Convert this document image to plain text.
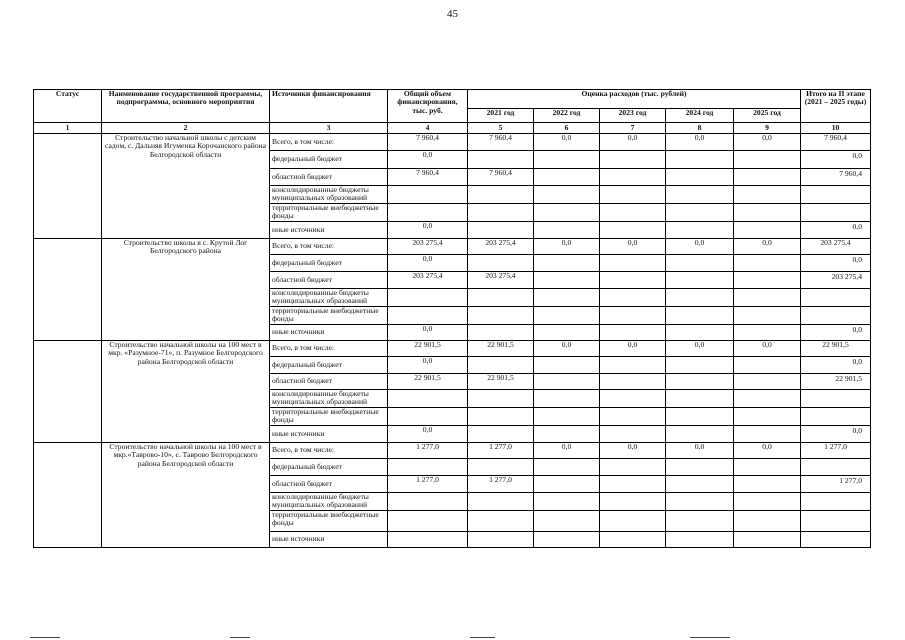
45
Статус	Наименование государственной программы, подпрограммы, основного мероприятия	Источники финансирования	Общий объем финансирования, тыс. руб.	Оценка расходов (тыс. рублей)					Итого на II этапе (2021 – 2025 годы)
				2021 год	2022 год	2023 год	2024 год	2025 год	
1	2	3	4	5	6	7	8	9	10
	Строительство начальной школы с детским садом, с. Дальняя Игуменка Корочанского района Белгородской области	Всего, в том числе:	7 960,4	7 960,4	0,0	0,0	0,0	0,0	7 960,4
		федеральный бюджет	0,0						0,0
		областной бюджет	7 960,4	7 960,4					7 960,4
		консолидированные бюджеты муниципальных образований							
		территориальные внебюджетные фонды							
		иные источники	0,0						0,0
	Строительство школы в с. Крутой Лог Белгородского района	Всего, в том числе:	203 275,4	203 275,4	0,0	0,0	0,0	0,0	203 275,4
		федеральный бюджет	0,0						0,0
		областной бюджет	203 275,4	203 275,4					203 275,4
		консолидированные бюджеты муниципальных образований							
		территориальные внебюджетные фонды							
		иные источники	0,0						0,0
	Строительство начальной школы на 100 мест в мкр. «Разумное-71», п. Разумное Белгородского района Белгородской области	Всего, в том числе:	22 901,5	22 901,5	0,0	0,0	0,0	0,0	22 901,5
		федеральный бюджет	0,0						0,0
		областной бюджет	22 901,5	22 901,5					22 901,5
		консолидированные бюджеты муниципальных образований							
		территориальные внебюджетные фонды							
		иные источники	0,0						0,0
	Строительство начальной школы на 100 мест в мкр.«Таврово-10», с. Таврово Белгородского района Белгородской области	Всего, в том числе:	1 277,0	1 277,0	0,0	0,0	0,0	0,0	1 277,0
		федеральный бюджет							
		областной бюджет	1 277,0	1 277,0					1 277,0
		консолидированные бюджеты муниципальных образований							
		территориальные внебюджетные фонды							
		иные источники							
